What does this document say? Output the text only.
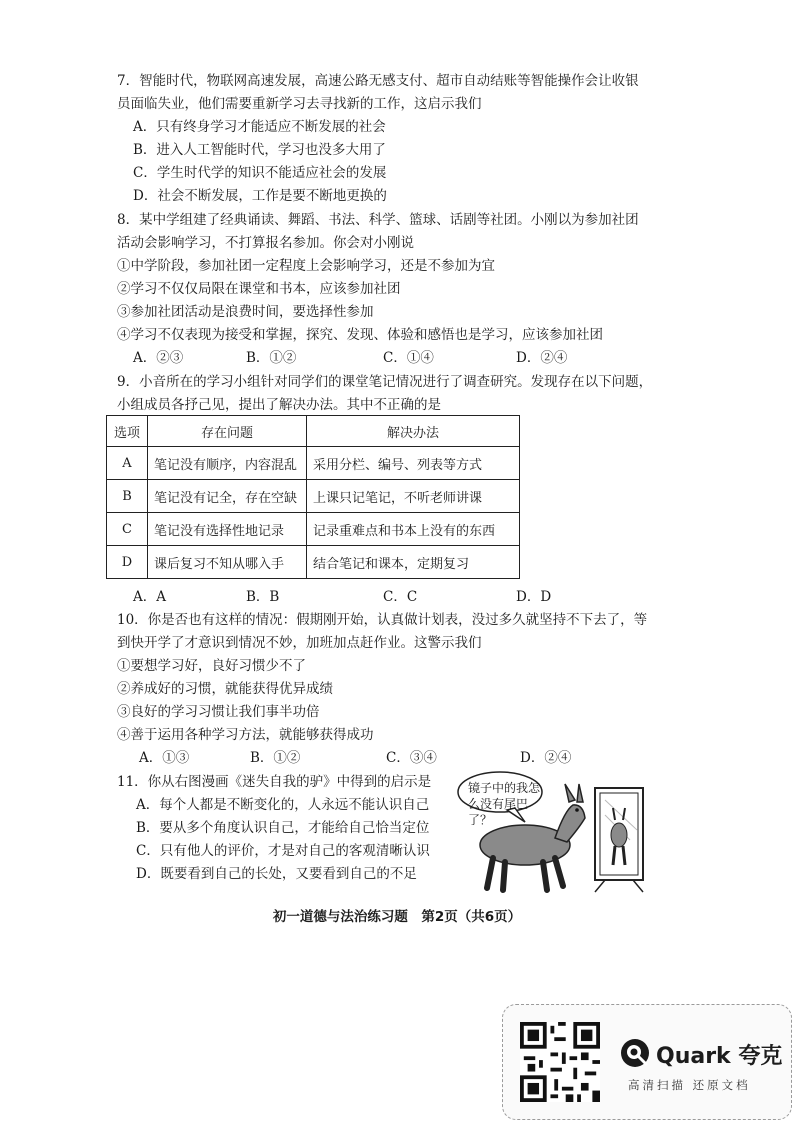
7．智能时代，物联网高速发展，高速公路无感支付、超市自动结账等智能操作会让收银
员面临失业，他们需要重新学习去寻找新的工作，这启示我们
A．只有终身学习才能适应不断发展的社会
B．进入人工智能时代，学习也没多大用了
C．学生时代学的知识不能适应社会的发展
D．社会不断发展，工作是要不断地更换的
8．某中学组建了经典诵读、舞蹈、书法、科学、篮球、话剧等社团。小刚以为参加社团
活动会影响学习，不打算报名参加。你会对小刚说
①中学阶段，参加社团一定程度上会影响学习，还是不参加为宜
②学习不仅仅局限在课堂和书本，应该参加社团
③参加社团活动是浪费时间，要选择性参加
④学习不仅表现为接受和掌握，探究、发现、体验和感悟也是学习，应该参加社团
A．②③	B．①②	C．①④	D．②④
9．小音所在的学习小组针对同学们的课堂笔记情况进行了调查研究。发现存在以下问题，
小组成员各抒己见，提出了解决办法。其中不正确的是
选项	存在问题	解决办法
A	笔记没有顺序，内容混乱	采用分栏、编号、列表等方式
B	笔记没有记全，存在空缺	上课只记笔记，不听老师讲课
C	笔记没有选择性地记录	记录重难点和书本上没有的东西
D	课后复习不知从哪入手	结合笔记和课本，定期复习
A．A	B．B	C．C	D．D
10．你是否也有这样的情况：假期刚开始，认真做计划表，没过多久就坚持不下去了，等
到快开学了才意识到情况不妙，加班加点赶作业。这警示我们
①要想学习好，良好习惯少不了
②养成好的习惯，就能获得优异成绩
③良好的学习习惯让我们事半功倍
④善于运用各种学习方法，就能够获得成功
A．①③	B．①②	C．③④	D．②④
11．你从右图漫画《迷失自我的驴》中得到的启示是
A．每个人都是不断变化的，人永远不能认识自己
B．要从多个角度认识自己，才能给自己恰当定位
C．只有他人的评价，才是对自己的客观清晰认识
D．既要看到自己的长处，又要看到自己的不足
镜子中的我怎
么没有尾巴了？
初一道德与法治练习题　第2页（共6页）
Quark 夸克
高清扫描 还原文档
